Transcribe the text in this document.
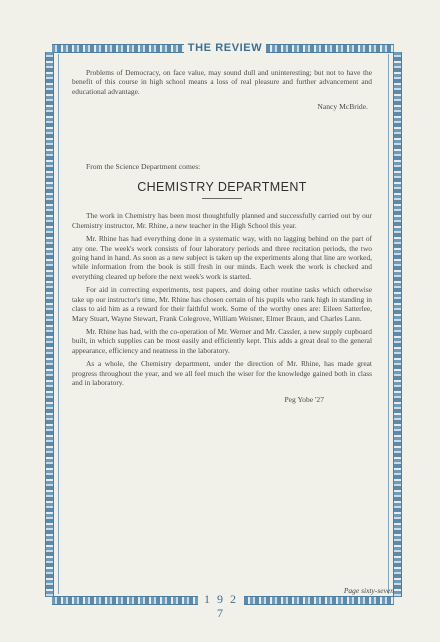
THE REVIEW

Problems of Democracy, on face value, may sound dull and uninteresting; but not to have the benefit of this course in high school means a loss of real pleasure and further advancement and educational advantage.

Nancy McBride.
From the Science Department comes:
CHEMISTRY DEPARTMENT

The work in Chemistry has been most thoughtfully planned and successfully carried out by our Chemistry instructor, Mr. Rhine, a new teacher in the High School this year.

Mr. Rhine has had everything done in a systematic way, with no lagging behind on the part of any one. The week's work consists of four laboratory periods and three recitation periods, the two going hand in hand. As soon as a new subject is taken up the experiments along that line are worked, while information from the book is still fresh in our minds. Each week the work is checked and everything cleared up before the next week's work is started.

For aid in correcting experiments, test papers, and doing other routine tasks which otherwise take up our instructor's time, Mr. Rhine has chosen certain of his pupils who rank high in standing in class to aid him as a reward for their faithful work. Some of the worthy ones are: Eileen Satterlee, Mary Stuart, Wayne Stewart, Frank Colegrove, William Weisner, Elmer Braun, and Charles Lann.

Mr. Rhine has had, with the co-operation of Mr. Werner and Mr. Cassler, a new supply cupboard built, in which supplies can be most easily and efficiently kept. This adds a great deal to the general appearance, efficiency and neatness in the laboratory.

As a whole, the Chemistry department, under the direction of Mr. Rhine, has made great progress throughout the year, and we all feel much the wiser for the knowledge gained both in class and in laboratory.

Peg Yobe '27
Page sixty-seven
1 9 2 7
